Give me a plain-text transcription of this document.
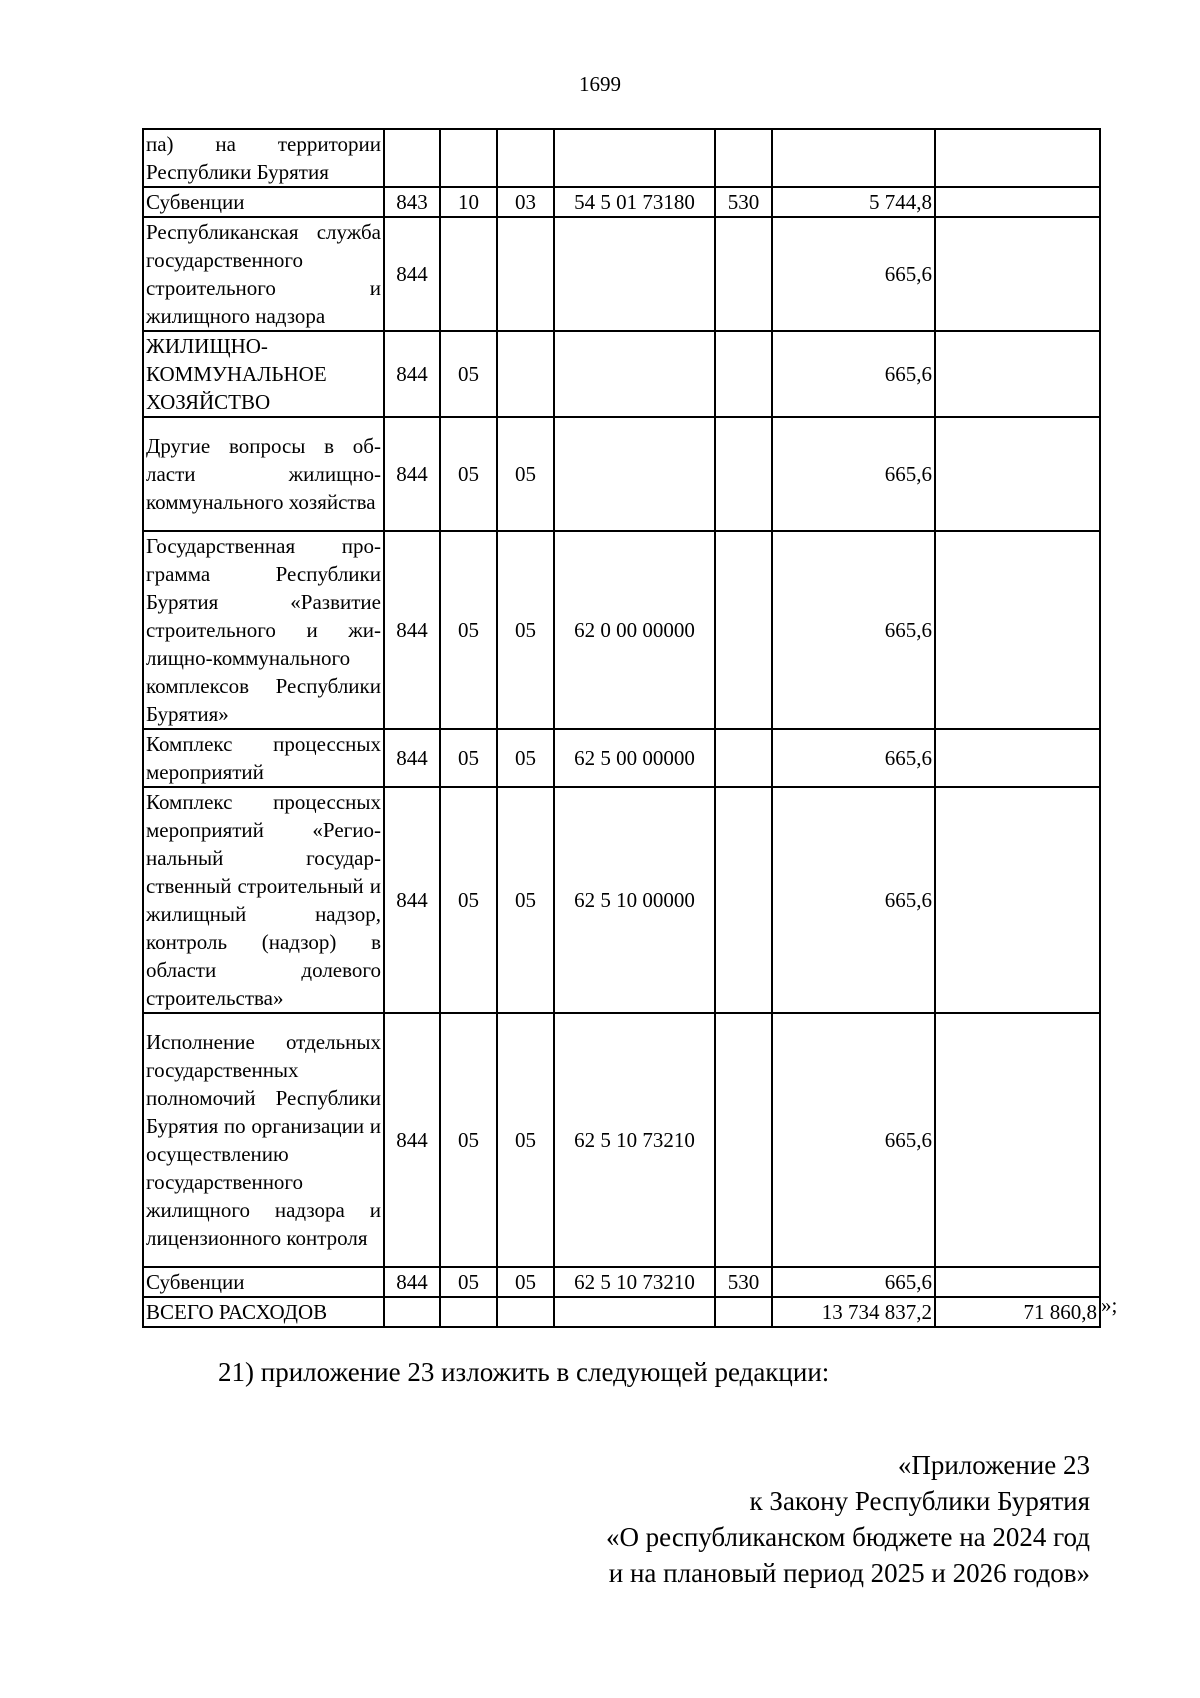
1699
па) на территории Республики Бурятия							
Субвенции	843	10	03	54 5 01 73180	530	5 744,8	
Республиканская служба государственного строительного и жилищного надзора	844					665,6	
ЖИЛИЩНО-КОММУНАЛЬНОЕ ХОЗЯЙСТВО	844	05				665,6	
Другие вопросы в области жилищно-коммунального хозяйства	844	05	05			665,6	
Государственная программа Республики Бурятия «Развитие строительного и жилищно-коммунального комплексов Республики Бурятия»	844	05	05	62 0 00 00000		665,6	
Комплекс процессных мероприятий	844	05	05	62 5 00 00000		665,6	
Комплекс процессных мероприятий «Региональный государственный строительный и жилищный надзор, контроль (надзор) в области долевого строительства»	844	05	05	62 5 10 00000		665,6	
Исполнение отдельных государственных полномочий Республики Бурятия по организации и осуществлению государственного жилищного надзора и лицензионного контроля	844	05	05	62 5 10 73210		665,6	
Субвенции	844	05	05	62 5 10 73210	530	665,6	
ВСЕГО РАСХОДОВ						13 734 837,2	71 860,8 »;
21) приложение 23 изложить в следующей редакции:
«Приложение 23
к Закону Республики Бурятия
«О республиканском бюджете на 2024 год
и на плановый период 2025 и 2026 годов»
